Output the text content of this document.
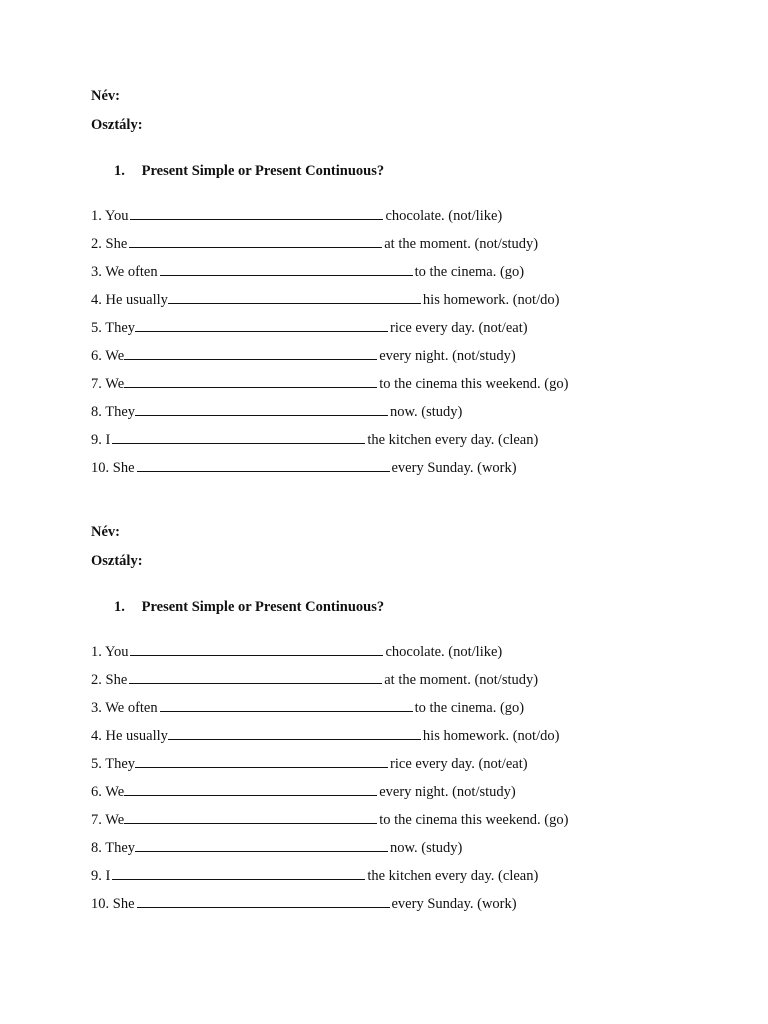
Név:
Osztály:
1. Present Simple or Present Continuous?
1. You	chocolate. (not/like)
2. She	at the moment. (not/study)
3. We often	to the cinema. (go)
4. He usually	his homework. (not/do)
5. They	rice every day. (not/eat)
6. We	every night. (not/study)
7. We	to the cinema this weekend. (go)
8. They	now. (study)
9. I	the kitchen every day. (clean)
10. She	every Sunday. (work)
Név:
Osztály:
1. Present Simple or Present Continuous?
1. You	chocolate. (not/like)
2. She	at the moment. (not/study)
3. We often	to the cinema. (go)
4. He usually	his homework. (not/do)
5. They	rice every day. (not/eat)
6. We	every night. (not/study)
7. We	to the cinema this weekend. (go)
8. They	now. (study)
9. I	the kitchen every day. (clean)
10. She	every Sunday. (work)
